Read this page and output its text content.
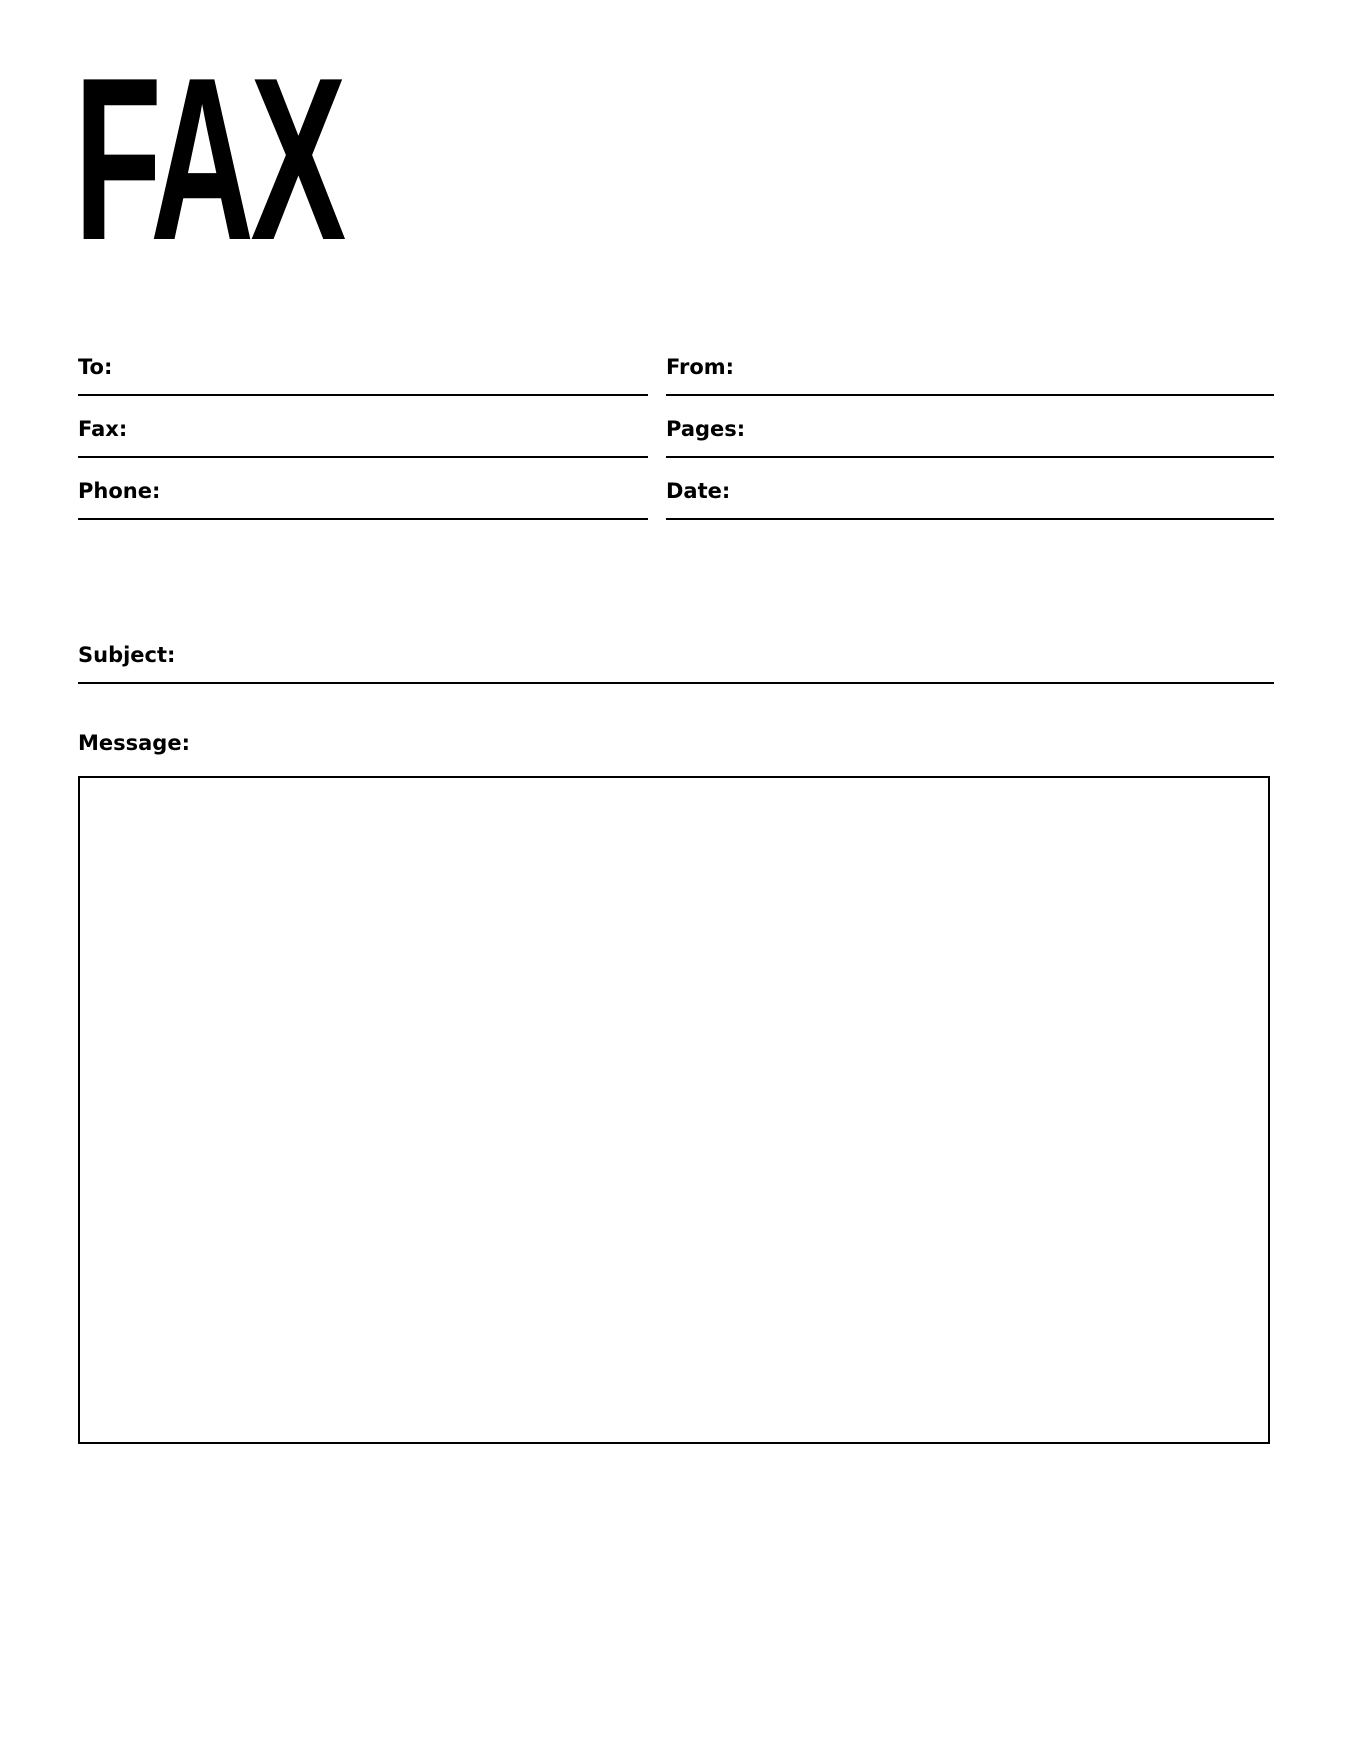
FAX
To:	From:
Fax:	Pages:
Phone:	Date:
Subject:
Message:
